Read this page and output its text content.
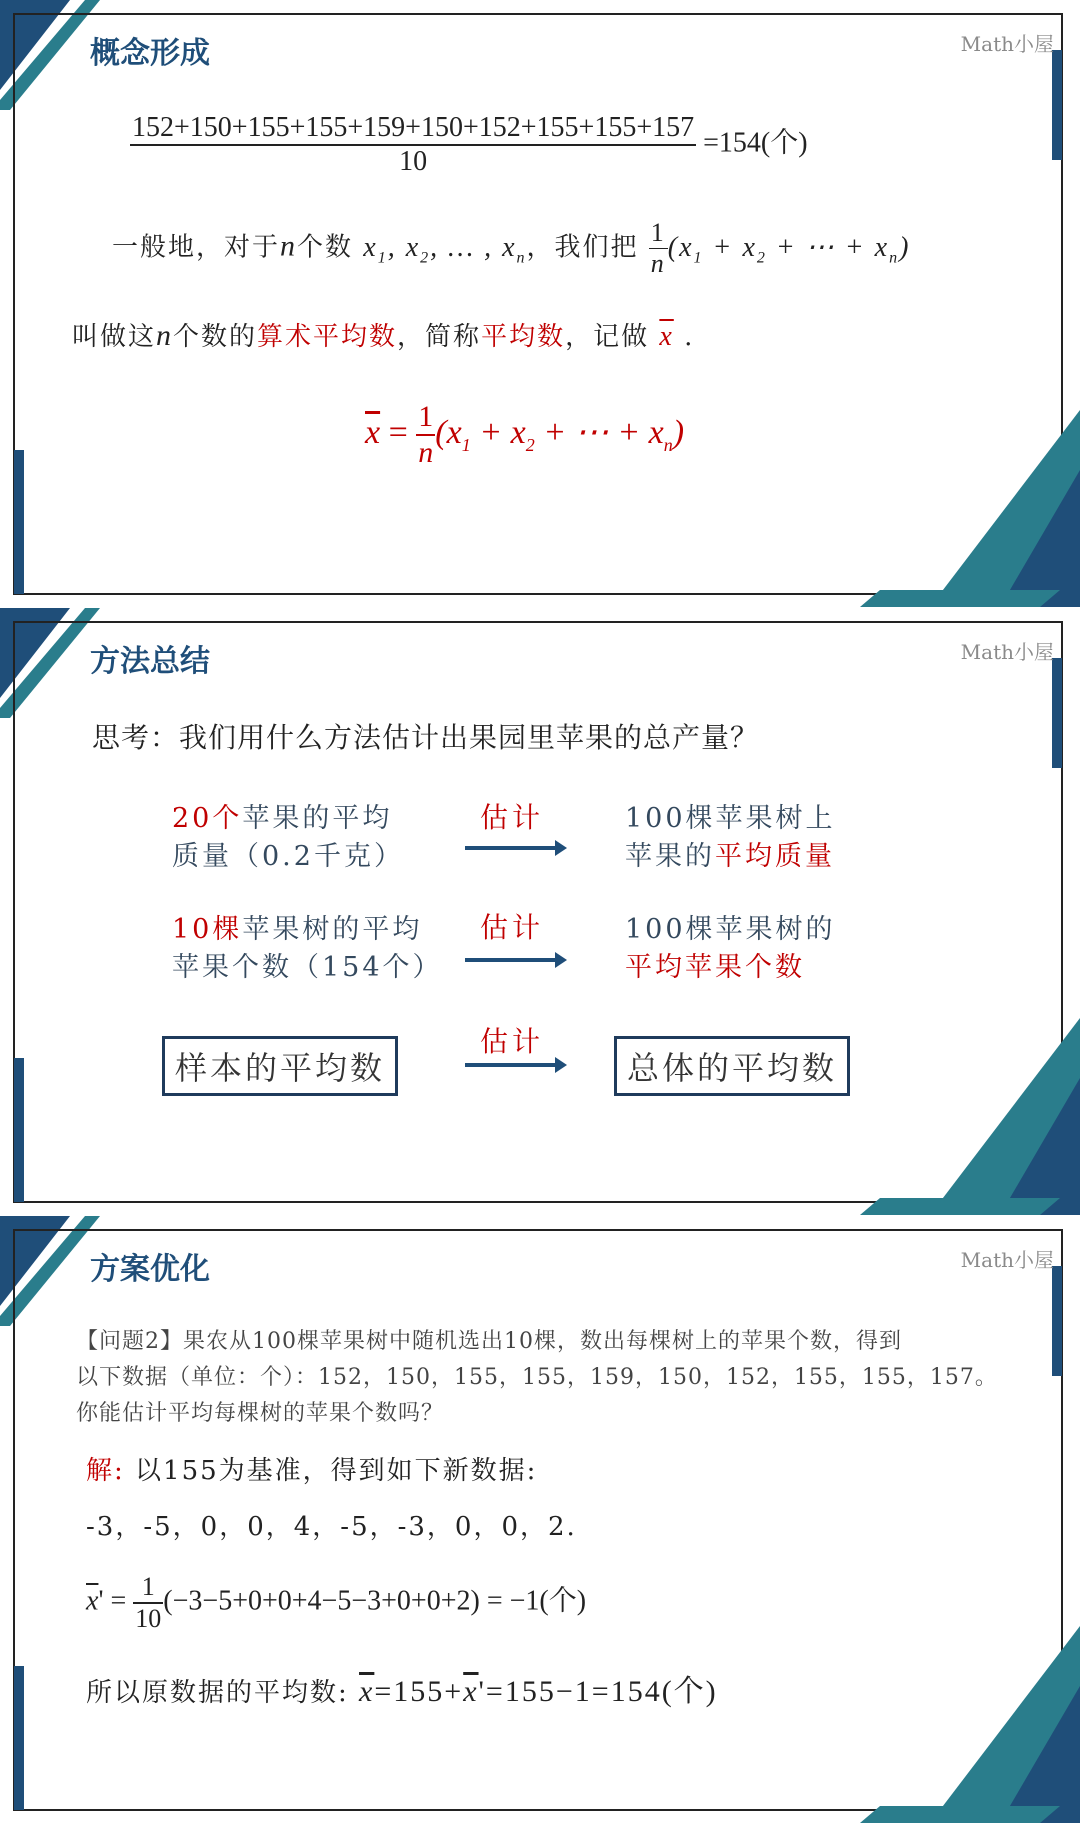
概念形成	Math小屋
$\frac{152+150+155+155+159+150+152+155+155+157}{10} =154$(个)
一般地，对于n个数 $x_1$, $x_2$, … , $x_n$，我们把 $\frac{1}{n} (x_1 + x_2$ + ⋯ + $x_n$)
叫做这n个数的算术平均数，简称平均数，记做 $\overline{x}$ .
$\overline{x} = \frac{1}{n} (x_1 + x_2$ + ⋯ + $x_n$)
方法总结	Math小屋
思考：我们用什么方法估计出果园里苹果的总产量？
20个苹果的平均
质量（0.2千克）
估计	100棵苹果树上
苹果的平均质量
10棵苹果树的平均
苹果个数（154个）
估计	100棵苹果树的
平均苹果个数
样本的平均数
估计
总体的平均数
方案优化	Math小屋
【问题2】果农从100棵苹果树中随机选出10棵，数出每棵树上的苹果个数，得到
以下数据（单位：个）：152，150，155，155，159，150，152，155，155，157。
你能估计平均每棵树的苹果个数吗？
解: 以155为基准，得到如下新数据:
-3，-5，0，0，4，-5，-3，0，0，2.
$\overline{x}' = \frac{1}{10} (-3-5+0+0+4-5-3+0+0+2) = -1$(个)
所以原数据的平均数: $\overline{x}=155+\overline{x}'=155-1=154$(个)
